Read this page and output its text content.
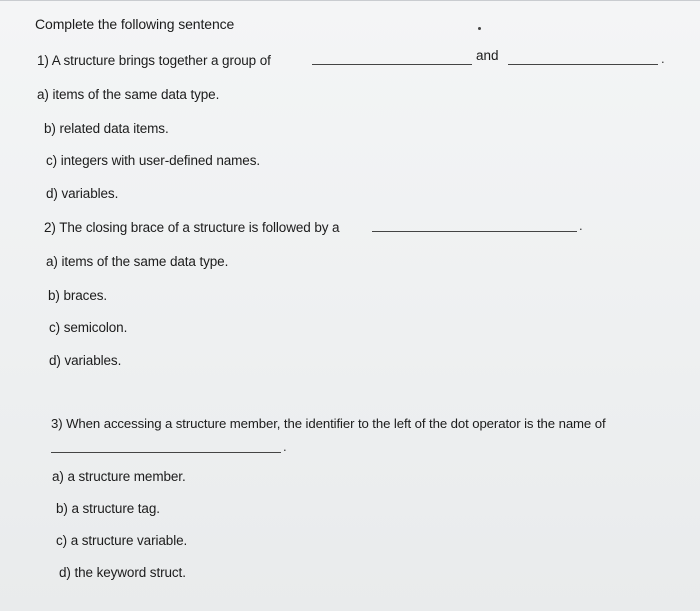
Complete the following sentence
1) A structure brings together a group of	and	.
a) items of the same data type.
b) related data items.
c) integers with user-defined names.
d) variables.
2) The closing brace of a structure is followed by a	.
a) items of the same data type.
b) braces.
c) semicolon.
d) variables.
3) When accessing a structure member, the identifier to the left of the dot operator is the name of
.
a) a structure member.
b) a structure tag.
c) a structure variable.
d) the keyword struct.
